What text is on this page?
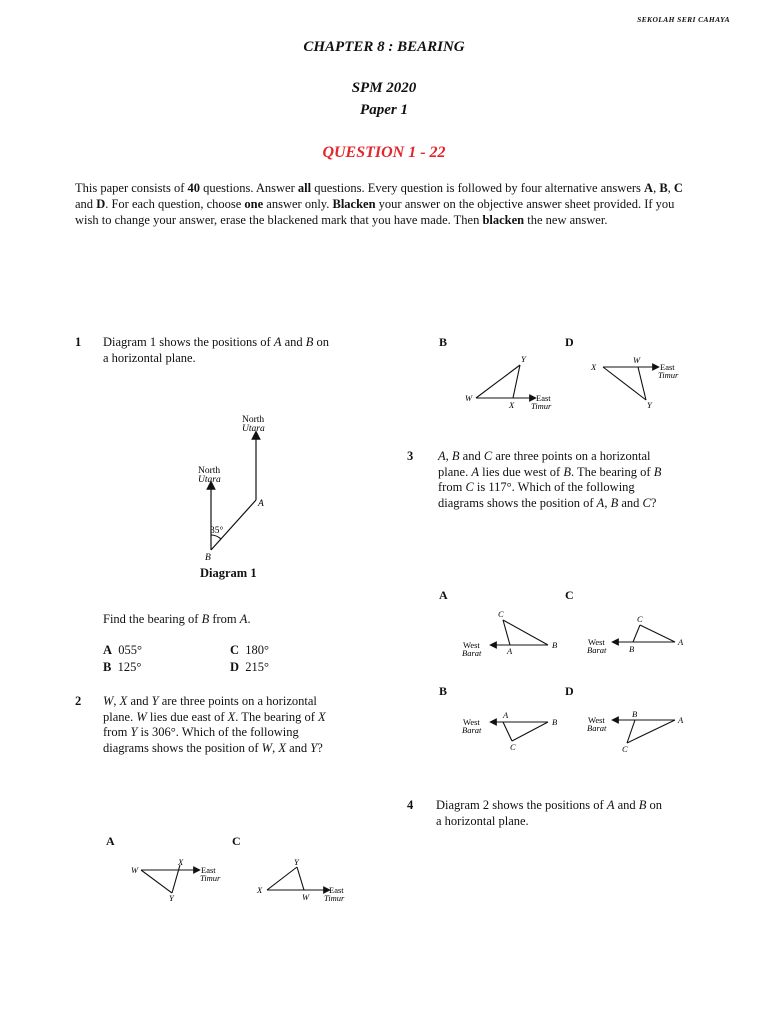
SEKOLAH SERI CAHAYA
CHAPTER 8 : BEARING
SPM 2020
Paper 1
QUESTION 1 - 22
This paper consists of 40 questions. Answer all questions. Every question is followed by four alternative answers A, B, C and D. For each question, choose one answer only. Blacken your answer on the objective answer sheet provided. If you wish to change your answer, erase the blackened mark that you have made. Then blacken the new answer.
1 Diagram 1 shows the positions of A and B on
a horizontal plane.
North
Utara
North
Utara
35°
A
B
Diagram 1
Find the bearing of B from A.
A 055°
B 125°
C 180°
D 215°
2 W, X and Y are three points on a horizontal
plane. W lies due east of X. The bearing of X
from Y is 306°. Which of the following
diagrams shows the position of W, X and Y?
A	C
W
X
Y
East
Timur
X
Y
W
East
Timur
B	D
W
Y
X
East
Timur
X
W
Y
East
Timur
3 A, B and C are three points on a horizontal
plane. A lies due west of B. The bearing of B
from C is 117°. Which of the following
diagrams shows the position of A, B and C?
A	C
C
B
A
West
Barat
C
A
B
West
Barat
B	D
A
B
C
West
Barat
B
A
C
West
Barat
4 Diagram 2 shows the positions of A and B on
a horizontal plane.
